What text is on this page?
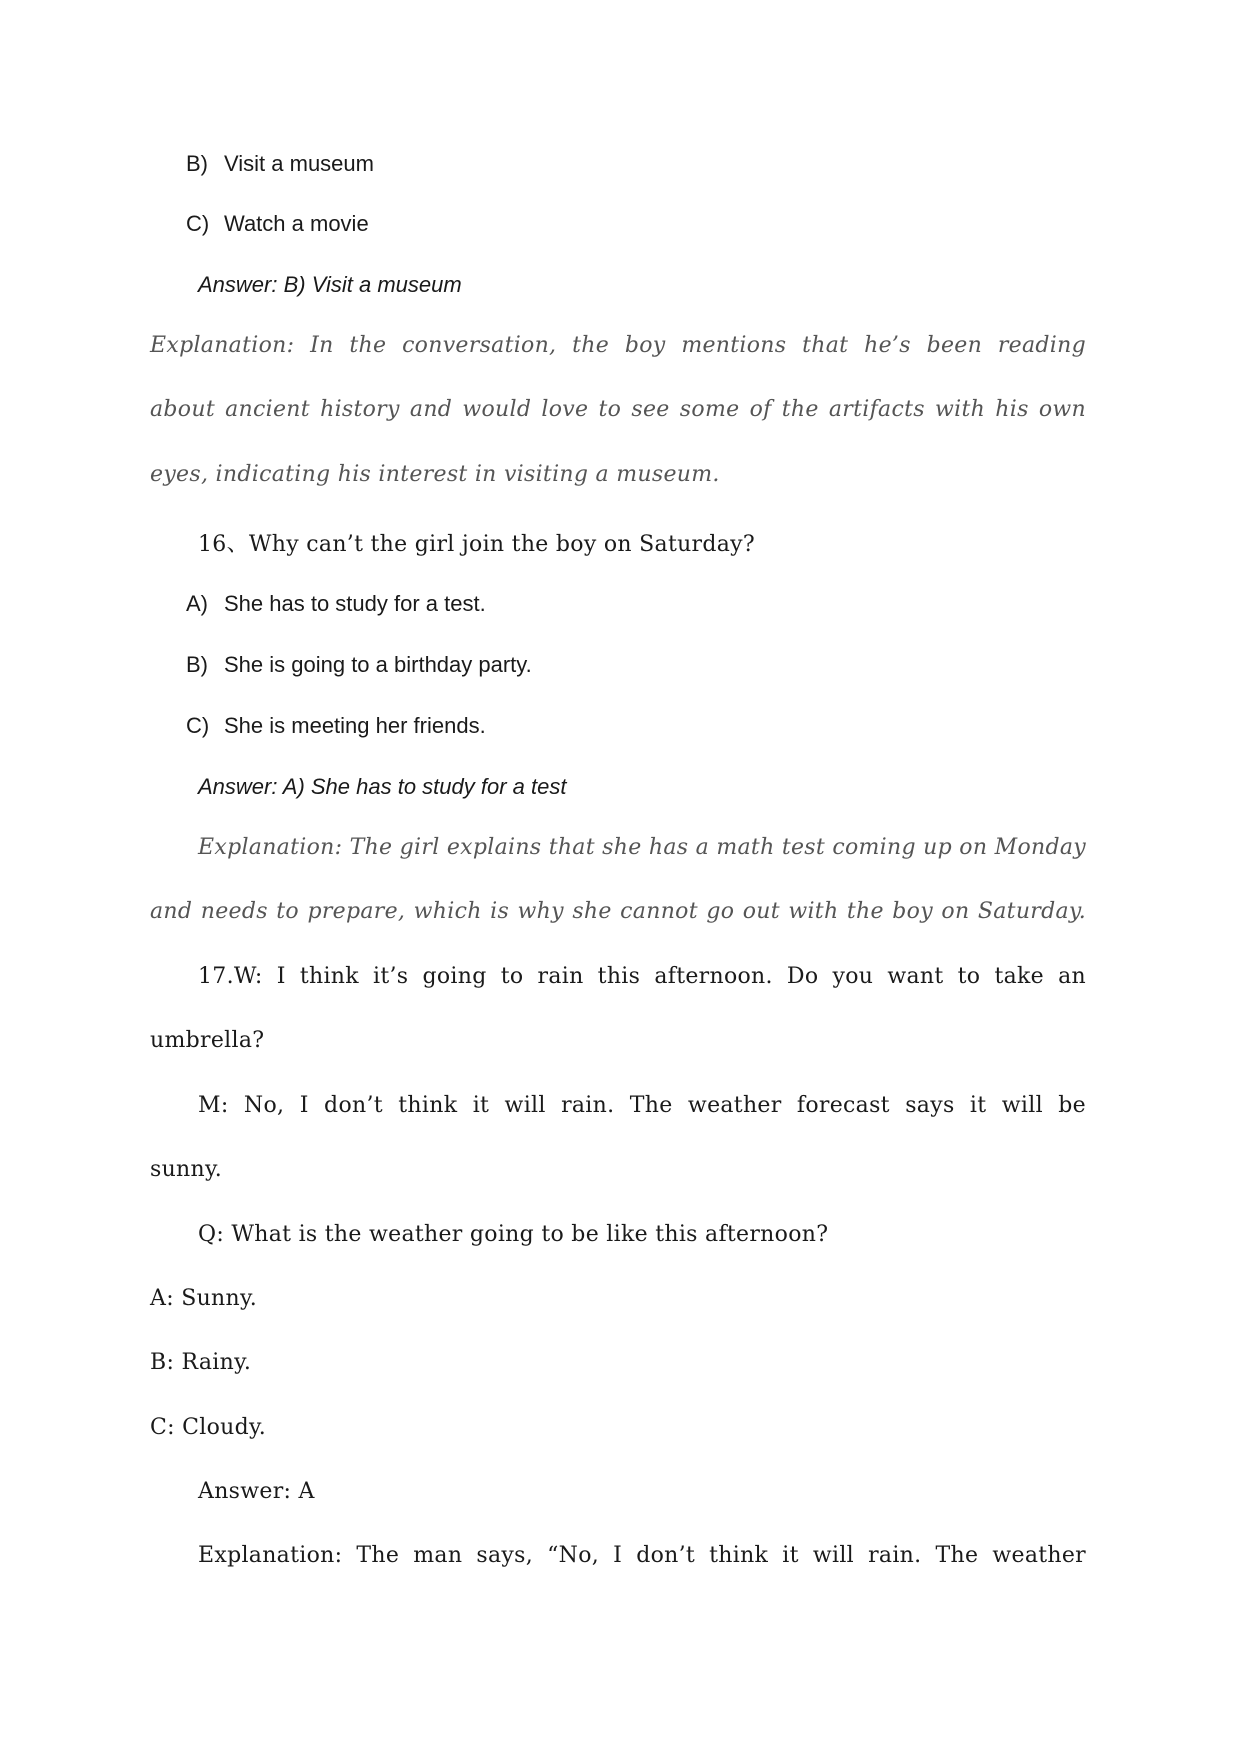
B) Visit a museum

C) Watch a movie

Answer: B) Visit a museum

Explanation: In the conversation, the boy mentions that he’s been reading

about ancient history and would love to see some of the artifacts with his own

eyes, indicating his interest in visiting a museum.

16、Why can’t the girl join the boy on Saturday?

A) She has to study for a test.

B) She is going to a birthday party.

C) She is meeting her friends.

Answer: A) She has to study for a test

Explanation: The girl explains that she has a math test coming up on Monday

and needs to prepare, which is why she cannot go out with the boy on Saturday.

17.W: I think it’s going to rain this afternoon. Do you want to take an

umbrella?

M: No, I don’t think it will rain. The weather forecast says it will be

sunny.

Q: What is the weather going to be like this afternoon?

A: Sunny.

B: Rainy.

C: Cloudy.

Answer: A

Explanation: The man says, “No, I don’t think it will rain. The weather
